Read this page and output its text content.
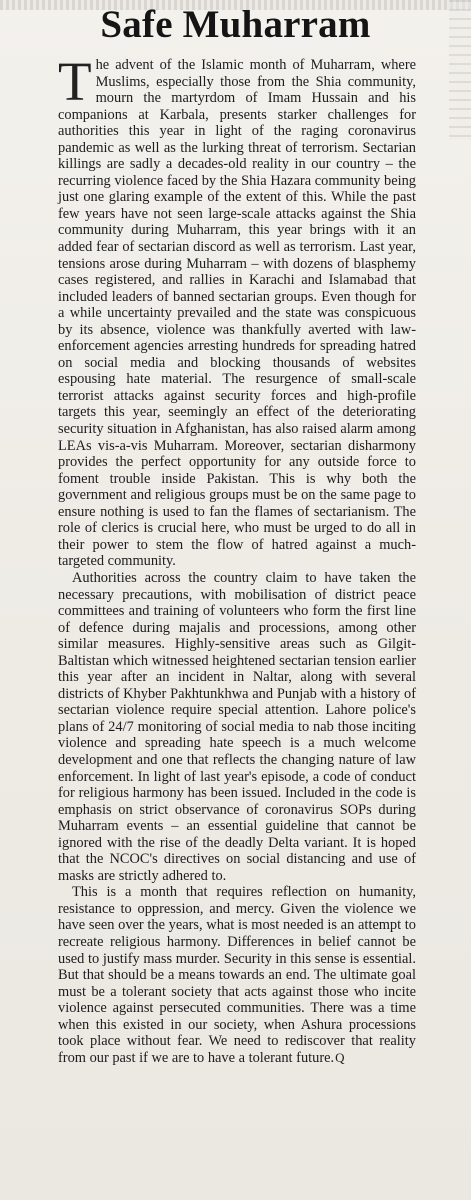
Safe Muharram

The advent of the Islamic month of Muharram, where Muslims, especially those from the Shia community, mourn the martyrdom of Imam Hussain and his companions at Karbala, presents starker challenges for authorities this year in light of the raging coronavirus pandemic as well as the lurking threat of terrorism. Sectarian killings are sadly a decades-old reality in our country – the recurring violence faced by the Shia Hazara community being just one glaring example of the extent of this. While the past few years have not seen large-scale attacks against the Shia community during Muharram, this year brings with it an added fear of sectarian discord as well as terrorism. Last year, tensions arose during Muharram – with dozens of blasphemy cases registered, and rallies in Karachi and Islamabad that included leaders of banned sectarian groups. Even though for a while uncertainty prevailed and the state was conspicuous by its absence, violence was thankfully averted with law-enforcement agencies arresting hundreds for spreading hatred on social media and blocking thousands of websites espousing hate material. The resurgence of small-scale terrorist attacks against security forces and high-profile targets this year, seemingly an effect of the deteriorating security situation in Afghanistan, has also raised alarm among LEAs vis-a-vis Muharram. Moreover, sectarian disharmony provides the perfect opportunity for any outside force to foment trouble inside Pakistan. This is why both the government and religious groups must be on the same page to ensure nothing is used to fan the flames of sectarianism. The role of clerics is crucial here, who must be urged to do all in their power to stem the flow of hatred against a much-targeted community.

Authorities across the country claim to have taken the necessary precautions, with mobilisation of district peace committees and training of volunteers who form the first line of defence during majalis and processions, among other similar measures. Highly-sensitive areas such as Gilgit-Baltistan which witnessed heightened sectarian tension earlier this year after an incident in Naltar, along with several districts of Khyber Pakhtunkhwa and Punjab with a history of sectarian violence require special attention. Lahore police's plans of 24/7 monitoring of social media to nab those inciting violence and spreading hate speech is a much welcome development and one that reflects the changing nature of law enforcement. In light of last year's episode, a code of conduct for religious harmony has been issued. Included in the code is emphasis on strict observance of coronavirus SOPs during Muharram events – an essential guideline that cannot be ignored with the rise of the deadly Delta variant. It is hoped that the NCOC's directives on social distancing and use of masks are strictly adhered to.

This is a month that requires reflection on humanity, resistance to oppression, and mercy. Given the violence we have seen over the years, what is most needed is an attempt to recreate religious harmony. Differences in belief cannot be used to justify mass murder. Security in this sense is essential. But that should be a means towards an end. The ultimate goal must be a tolerant society that acts against those who incite violence against persecuted communities. There was a time when this existed in our society, when Ashura processions took place without fear. We need to rediscover that reality from our past if we are to have a tolerant future.Q
